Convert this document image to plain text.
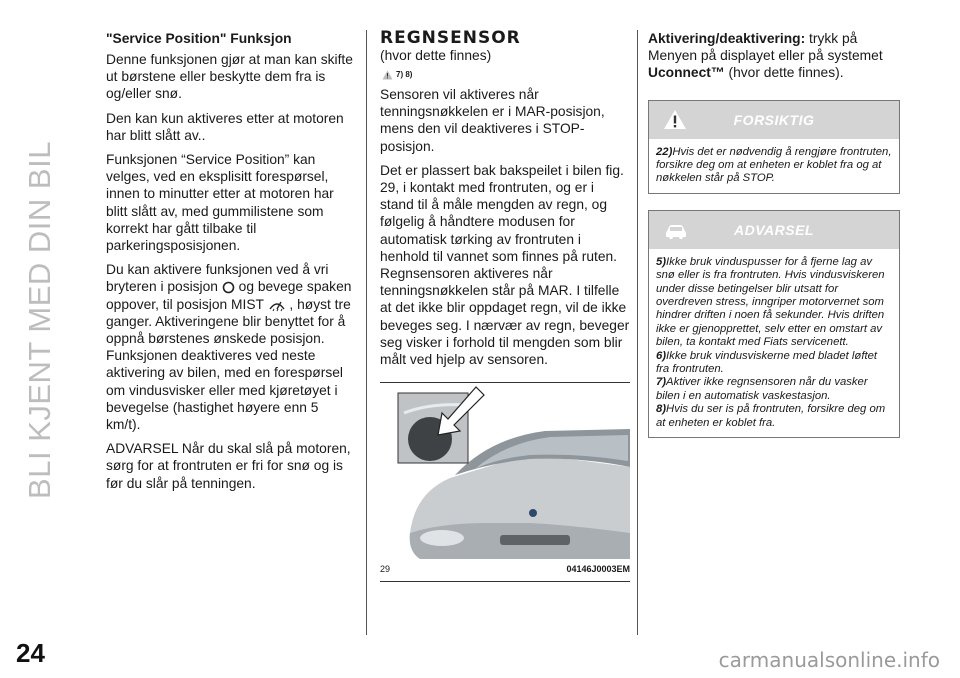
BLI KJENT MED DIN BIL
"Service Position" Funksjon

Denne funksjonen gjør at man kan skifte ut børstene eller beskytte dem fra is og/eller snø.

Den kan kun aktiveres etter at motoren har blitt slått av..

Funksjonen “Service Position” kan velges, ved en eksplisitt forespørsel, innen to minutter etter at motoren har blitt slått av, med gummilistene som korrekt har gått tilbake til parkeringsposisjonen.

Du kan aktivere funksjonen ved å vri bryteren i posisjon og bevege spaken oppover, til posisjon MIST , høyst tre ganger. Aktiveringene blir benyttet for å oppnå børstenes ønskede posisjon. Funksjonen deaktiveres ved neste aktivering av bilen, med en forespørsel om vindusvisker eller med kjøretøyet i bevegelse (hastighet høyere enn 5 km/t).

ADVARSEL Når du skal slå på motoren, sørg for at frontruten er fri for snø og is før du slår på tenningen.

REGNSENSOR
(hvor dette finnes)
7) 8)

Sensoren vil aktiveres når tenningsnøkkelen er i MAR-posisjon, mens den vil deaktiveres i STOP-posisjon.

Det er plassert bak bakspeilet i bilen fig. 29, i kontakt med frontruten, og er i stand til å måle mengden av regn, og følgelig å håndtere modusen for automatisk tørking av frontruten i henhold til vannet som finnes på ruten. Regnsensoren aktiveres når tenningsnøkkelen står på MAR. I tilfelle at det ikke blir oppdaget regn, vil de ikke beveges seg. I nærvær av regn, beveger seg visker i forhold til mengden som blir målt ved hjelp av sensoren.

29	04146J0003EM

Aktivering/deaktivering: trykk på Menyen på displayet eller på systemet Uconnect™ (hvor dette finnes).

FORSIKTIG
22)Hvis det er nødvendig å rengjøre frontruten, forsikre deg om at enheten er koblet fra og at nøkkelen står på STOP.
ADVARSEL
5)Ikke bruk vinduspusser for å fjerne lag av snø eller is fra frontruten. Hvis vindusviskeren under disse betingelser blir utsatt for overdreven stress, inngriper motorvernet som hindrer driften i noen få sekunder. Hvis driften ikke er gjenopprettet, selv etter en omstart av bilen, ta kontakt med Fiats servicenett.
6)Ikke bruk vindusviskerne med bladet løftet fra frontruten.
7)Aktiver ikke regnsensoren når du vasker bilen i en automatisk vaskestasjon.
8)Hvis du ser is på frontruten, forsikre deg om at enheten er koblet fra.
24	carmanualsonline.info
